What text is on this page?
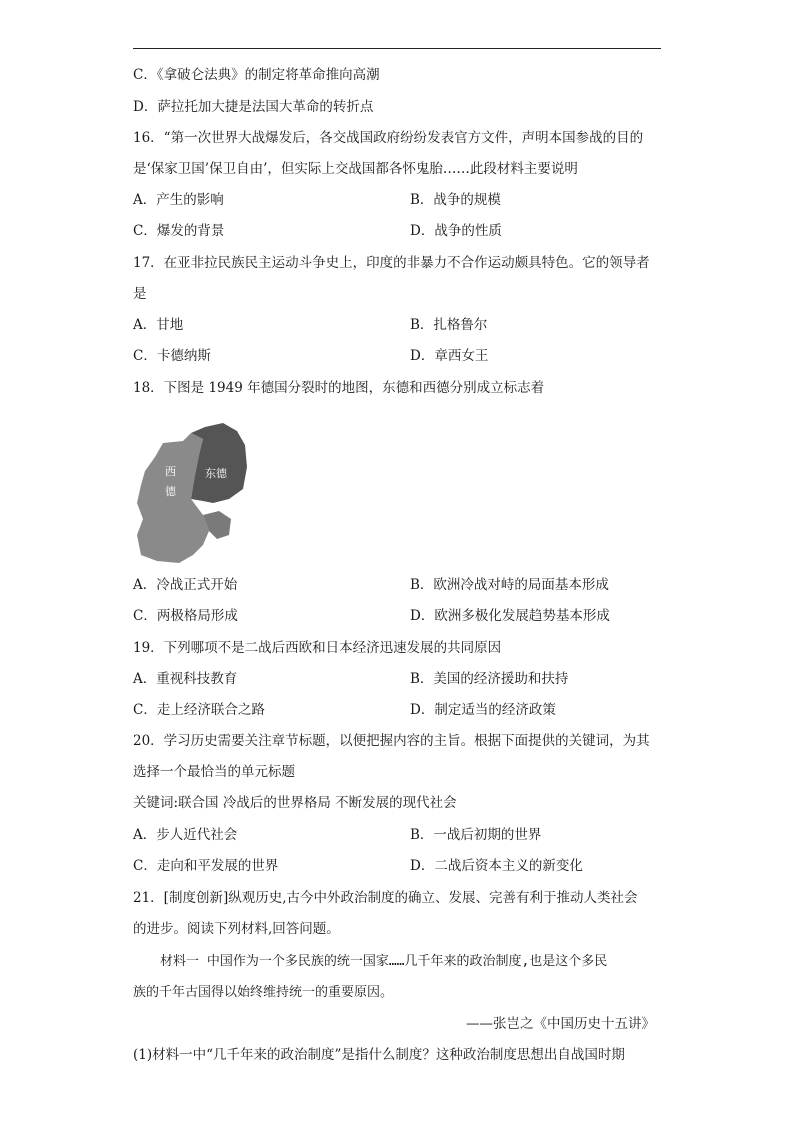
C．《拿破仑法典》的制定将革命推向高潮
D．萨拉托加大捷是法国大革命的转折点
16．“第一次世界大战爆发后，各交战国政府纷纷发表官方文件，声明本国参战的目的
是‘保家卫国’保卫自由’，但实际上交战国都各怀鬼胎……此段材料主要说明
A．产生的影响	B．战争的规模
C．爆发的背景	D．战争的性质
17．在亚非拉民族民主运动斗争史上，印度的非暴力不合作运动颇具特色。它的领导者
是
A．甘地	B．扎格鲁尔
C．卡德纳斯	D．章西女王
18．下图是 1949 年德国分裂时的地图，东德和西德分别成立标志着
西
德
东德
A．冷战正式开始	B．欧洲冷战对峙的局面基本形成
C．两极格局形成	D．欧洲多极化发展趋势基本形成
19．下列哪项不是二战后西欧和日本经济迅速发展的共同原因
A．重视科技教育	B．美国的经济援助和扶持
C．走上经济联合之路	D．制定适当的经济政策
20．学习历史需要关注章节标题，以便把握内容的主旨。根据下面提供的关键词，为其
选择一个最恰当的单元标题
关键词:联合国 冷战后的世界格局 不断发展的现代社会
A．步人近代社会	B．一战后初期的世界
C．走向和平发展的世界	D．二战后资本主义的新变化
21．[制度创新]纵观历史,古今中外政治制度的确立、发展、完善有利于推动人类社会
的进步。阅读下列材料,回答问题。
材料一 中国作为一个多民族的统一国家……几千年来的政治制度,也是这个多民
族的千年古国得以始终维持统一的重要原因。
——张岂之《中国历史十五讲》
(1)材料一中“几千年来的政治制度”是指什么制度？这种政治制度思想出自战国时期
